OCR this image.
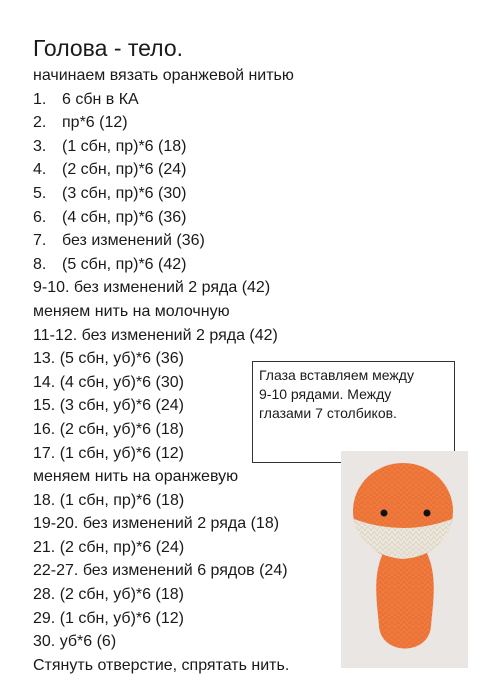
Голова - тело.
начинаем вязать оранжевой нитью
1. 6 сбн в КА
2. пр*6 (12)
3. (1 сбн, пр)*6 (18)
4. (2 сбн, пр)*6 (24)
5. (3 сбн, пр)*6 (30)
6. (4 сбн, пр)*6 (36)
7. без изменений (36)
8. (5 сбн, пр)*6 (42)
9-10. без изменений 2 ряда (42)
меняем нить на молочную
11-12. без изменений 2 ряда (42)
13. (5 сбн, уб)*6 (36)
14. (4 сбн, уб)*6 (30)
15. (3 сбн, уб)*6 (24)
16. (2 сбн, уб)*6 (18)
17. (1 сбн, уб)*6 (12)
меняем нить на оранжевую
18. (1 сбн, пр)*6 (18)
19-20. без изменений 2 ряда (18)
21. (2 сбн, пр)*6 (24)
22-27. без изменений 6 рядов (24)
28. (2 сбн, уб)*6 (18)
29. (1 сбн, уб)*6 (12)
30. уб*6 (6)
Стянуть отверстие, спрятать нить.
Глаза вставляем между
9-10 рядами. Между
глазами 7 столбиков.
